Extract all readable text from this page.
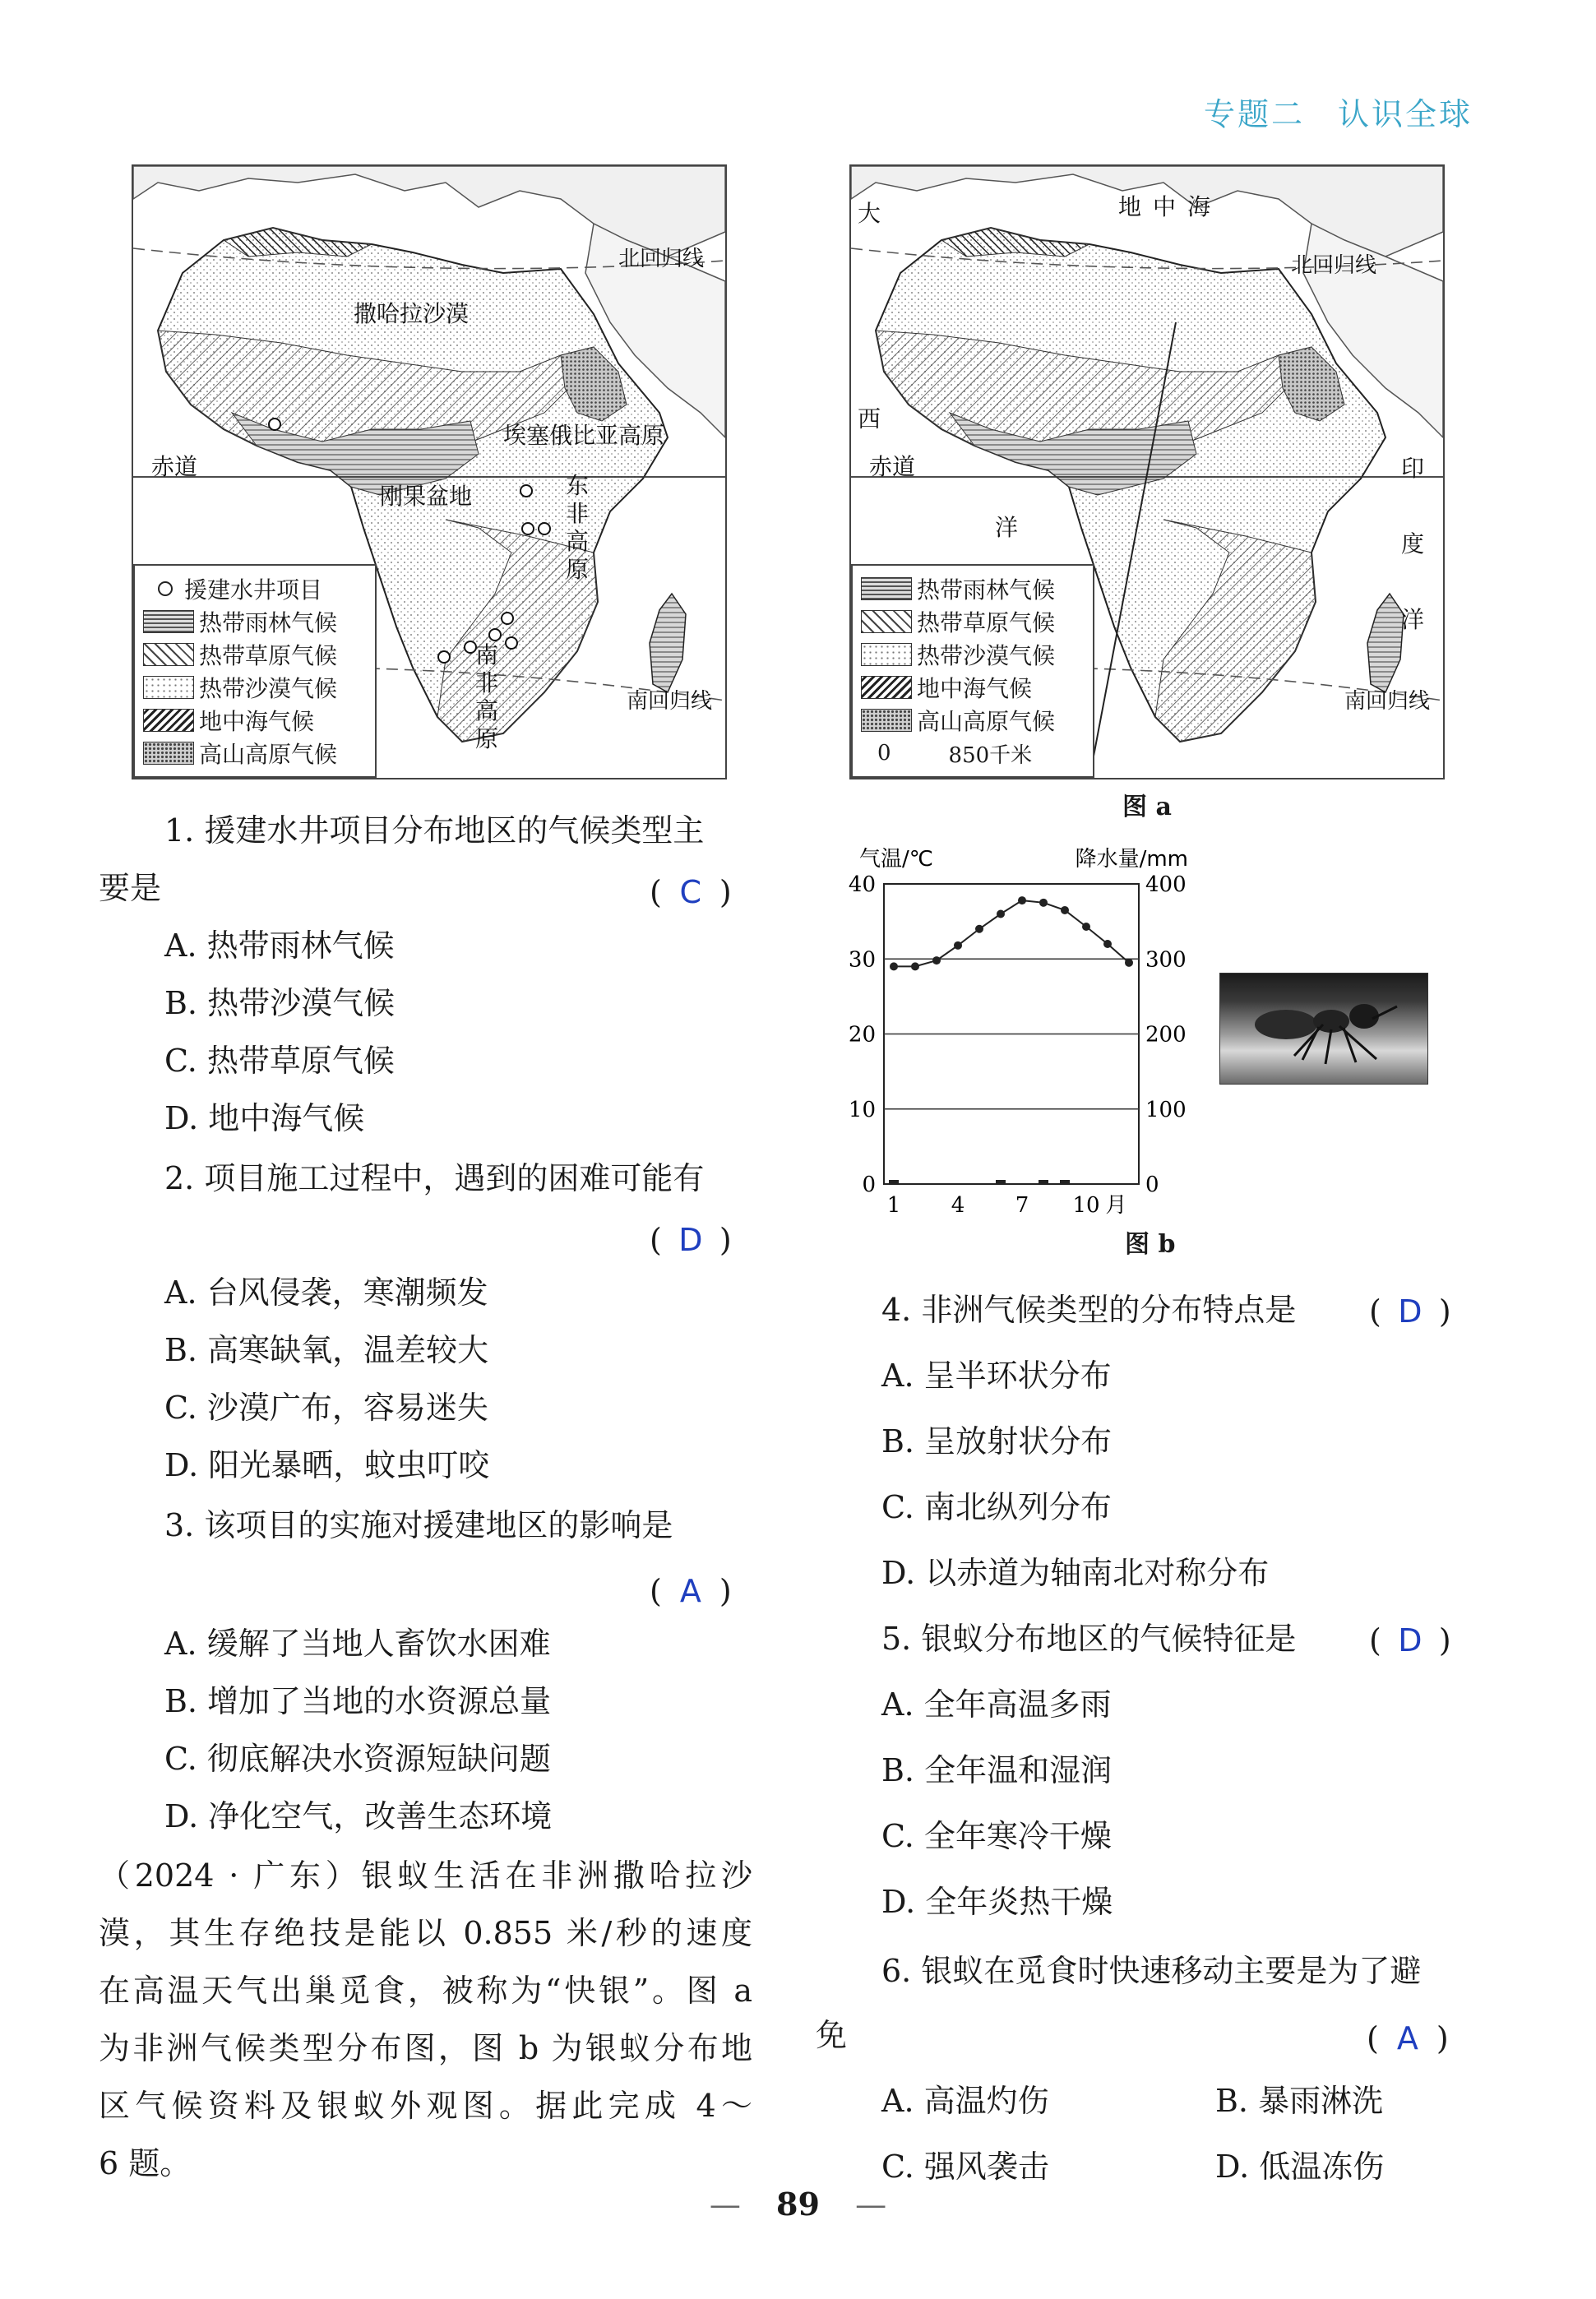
专题二 认识全球
撒哈拉沙漠
北回归线
埃塞俄比亚高原
赤道
刚果盆地	东非高原
南非高原
南回归线
援建水井项目
热带雨林气候
热带草原气候
热带沙漠气候
地中海气候
高山高原气候
大	地中海
北回归线
西
赤道
洋
印度洋
南回归线
热带雨林气候
热带草原气候
热带沙漠气候
地中海气候
高山高原气候
0	850千米
图 a
0
10
20
30
40
0
100
200
300
400
1 4 7 10 月
气温/℃	降水量/mm
图 b
1. 援建水井项目分布地区的气候类型主
要是	( C )
A. 热带雨林气候
B. 热带沙漠气候
C. 热带草原气候
D. 地中海气候
2. 项目施工过程中，遇到的困难可能有
( D )
A. 台风侵袭，寒潮频发
B. 高寒缺氧，温差较大
C. 沙漠广布，容易迷失
D. 阳光暴晒，蚊虫叮咬
3. 该项目的实施对援建地区的影响是
( A )
A. 缓解了当地人畜饮水困难
B. 增加了当地的水资源总量
C. 彻底解决水资源短缺问题
D. 净化空气，改善生态环境
（2024 · 广东）银蚁生活在非洲撒哈拉沙
漠，其生存绝技是能以 0.855 米/秒的速度
在高温天气出巢觅食，被称为“快银”。图 a
为非洲气候类型分布图，图 b 为银蚁分布地
区气候资料及银蚁外观图。据此完成 4～
6 题。
4. 非洲气候类型的分布特点是 ( D )
A. 呈半环状分布
B. 呈放射状分布
C. 南北纵列分布
D. 以赤道为轴南北对称分布
5. 银蚁分布地区的气候特征是 ( D )
A. 全年高温多雨
B. 全年温和湿润
C. 全年寒冷干燥
D. 全年炎热干燥
6. 银蚁在觅食时快速移动主要是为了避
免	( A )
A. 高温灼伤	B. 暴雨淋洗
C. 强风袭击	D. 低温冻伤
— 89 —
